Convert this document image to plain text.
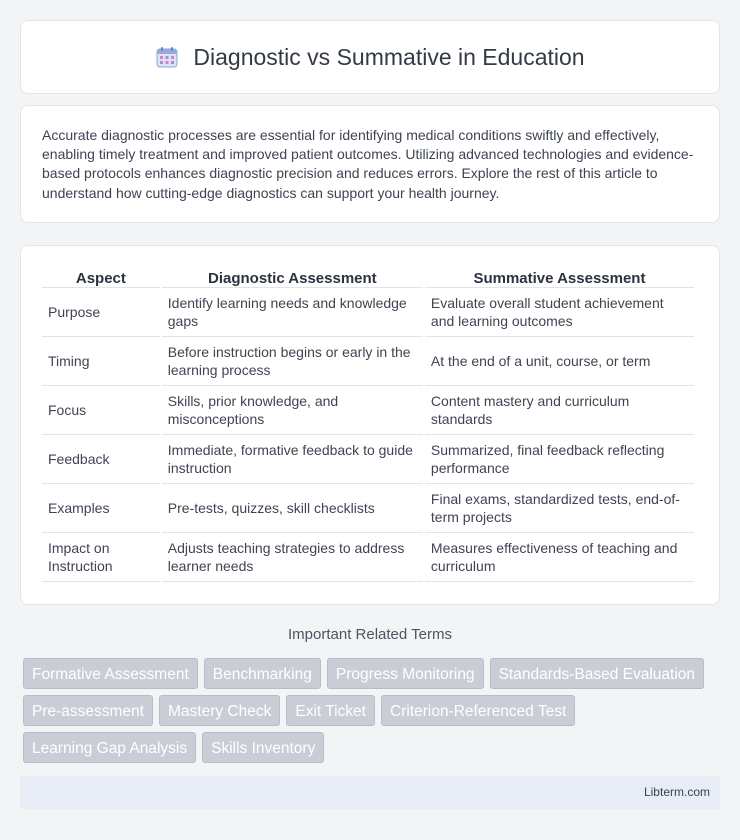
Diagnostic vs Summative in Education

Accurate diagnostic processes are essential for identifying medical conditions swiftly and effectively, enabling timely treatment and improved patient outcomes. Utilizing advanced technologies and evidence-based protocols enhances diagnostic precision and reduces errors. Explore the rest of this article to understand how cutting-edge diagnostics can support your health journey.

Aspect	Diagnostic Assessment	Summative Assessment
Purpose	Identify learning needs and knowledge gaps	Evaluate overall student achievement and learning outcomes
Timing	Before instruction begins or early in the learning process	At the end of a unit, course, or term
Focus	Skills, prior knowledge, and misconceptions	Content mastery and curriculum standards
Feedback	Immediate, formative feedback to guide instruction	Summarized, final feedback reflecting performance
Examples	Pre-tests, quizzes, skill checklists	Final exams, standardized tests, end-of-term projects
Impact on Instruction	Adjusts teaching strategies to address learner needs	Measures effectiveness of teaching and curriculum
Important Related Terms
Formative Assessment	Benchmarking	Progress Monitoring	Standards-Based Evaluation
Pre-assessment	Mastery Check	Exit Ticket	Criterion-Referenced Test
Learning Gap Analysis	Skills Inventory
Libterm.com
